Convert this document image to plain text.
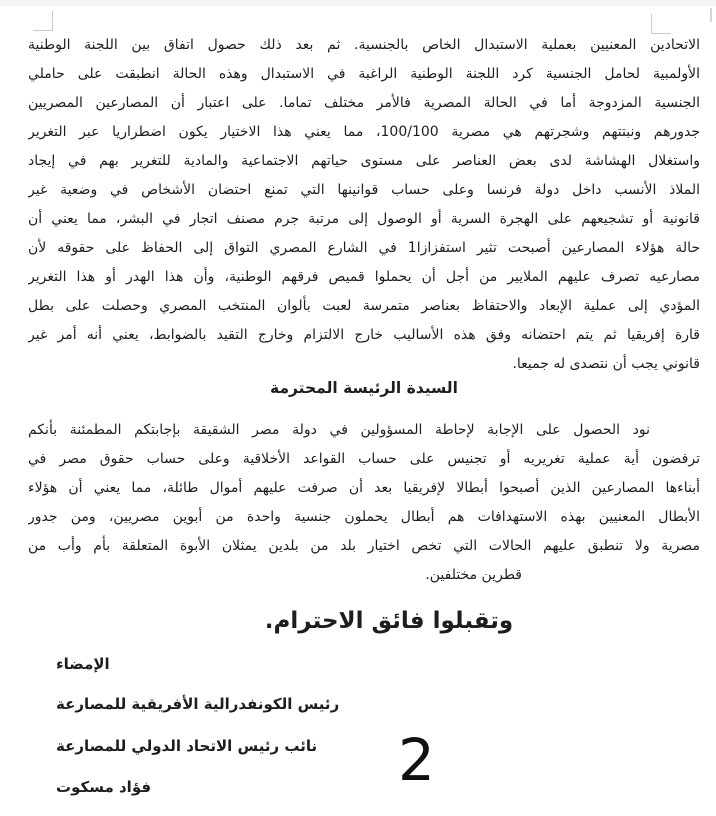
الاتحادين المعنيين بعملية الاستبدال الخاص بالجنسية. ثم بعد ذلك حصول اتفاق بين اللجنة الوطنية
الأولمبية لحامل الجنسية كرد اللجنة الوطنية الراغبة في الاستبدال وهذه الحالة انطبقت على حاملي
الجنسية المزدوجة أما في الحالة المصرية فالأمر مختلف تماما. على اعتبار أن المصارعين المصريين
جدورهم ونبتتهم وشجرتهم هي مصرية 100/100، مما يعني هذا الاختيار يكون اضطراريا عبر التغرير
واستغلال الهشاشة لدى بعض العناصر على مستوى حياتهم الاجتماعية والمادية للتغرير بهم في إيجاد
الملاذ الأنسب داخل دولة فرنسا وعلى حساب قوانينها التي تمنع احتضان الأشخاص في وضعية غير
قانونية أو تشجيعهم على الهجرة السرية أو الوصول إلى مرتبة جرم مصنف اتجار في البشر، مما يعني أن
حالة هؤلاء المصارعين أصبحت تثير استفزازا1 في الشارع المصري التواق إلى الحفاظ على حقوقه لأن
مصارعيه تصرف عليهم الملايير من أجل أن يحملوا قميص فرقهم الوطنية، وأن هذا الهدر أو هذا التغرير
المؤدي إلى عملية الإبعاد والاحتفاظ بعناصر متمرسة لعبت بألوان المنتخب المصري وحصلت على بطل
قارة إفريقيا ثم يتم احتضانه وفق هذه الأساليب خارج الالتزام وخارج التقيد بالضوابط، يعني أنه أمر غير
قانوني يجب أن نتصدى له جميعا.
السيدة الرئيسة المحترمة
نود الحصول على الإجابة لإحاطة المسؤولين في دولة مصر الشقيقة بإجابتكم المطمئنة بأنكم
ترفضون أية عملية تغريريه أو تجنيس على حساب القواعد الأخلاقية وعلى حساب حقوق مصر في
أبناءها المصارعين الذين أصبحوا أبطالا لإفريقيا بعد أن صرفت عليهم أموال طائلة، مما يعني أن هؤلاء
الأبطال المعنيين بهذه الاستهدافات هم أبطال يحملون جنسية واحدة من أبوين مصريين، ومن جدور
مصرية ولا تنطبق عليهم الحالات التي تخص اختيار بلد من بلدين يمثلان الأبوة المتعلقة بأم وأب من
قطرين مختلفين.
وتقبلوا فائق الاحترام.
الإمضاء
رئيس الكونفدرالية الأفريقية للمصارعة
نائب رئيس الاتحاد الدولي للمصارعة
فؤاد مسكوت	2
